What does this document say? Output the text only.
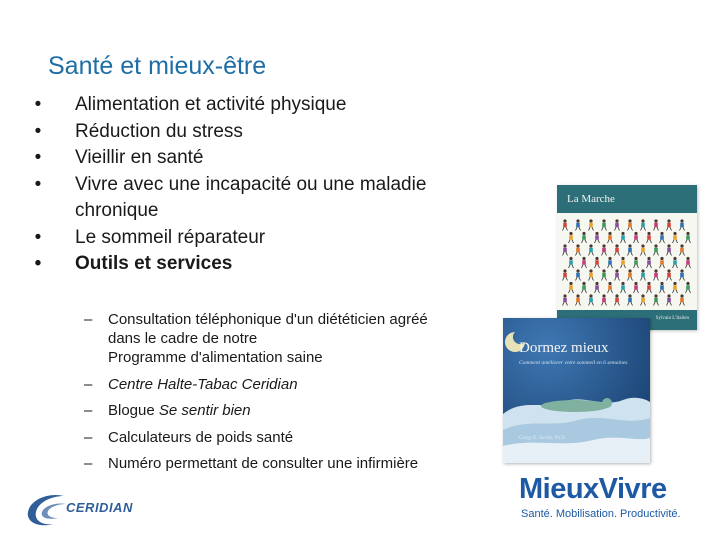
Santé et mieux-être
• Alimentation et activité physique
• Réduction du stress
• Vieillir en santé
• Vivre avec une incapacité ou une maladie chronique
• Le sommeil réparateur
• Outils et services
– Consultation téléphonique d'un diététicien agréé
dans le cadre de notre
Programme d'alimentation saine
– Centre Halte-Tabac Ceridian
– Blogue Se sentir bien
– Calculateurs de poids santé
– Numéro permettant de consulter une infirmière
La Marche
Sylvain L'Italien
Dormez mieux
Comment améliorer votre sommeil en 6 semaines
Gregg D. Jacobs, Ph.D.
MieuxVivre
Santé. Mobilisation. Productivité.
CERIDIAN
